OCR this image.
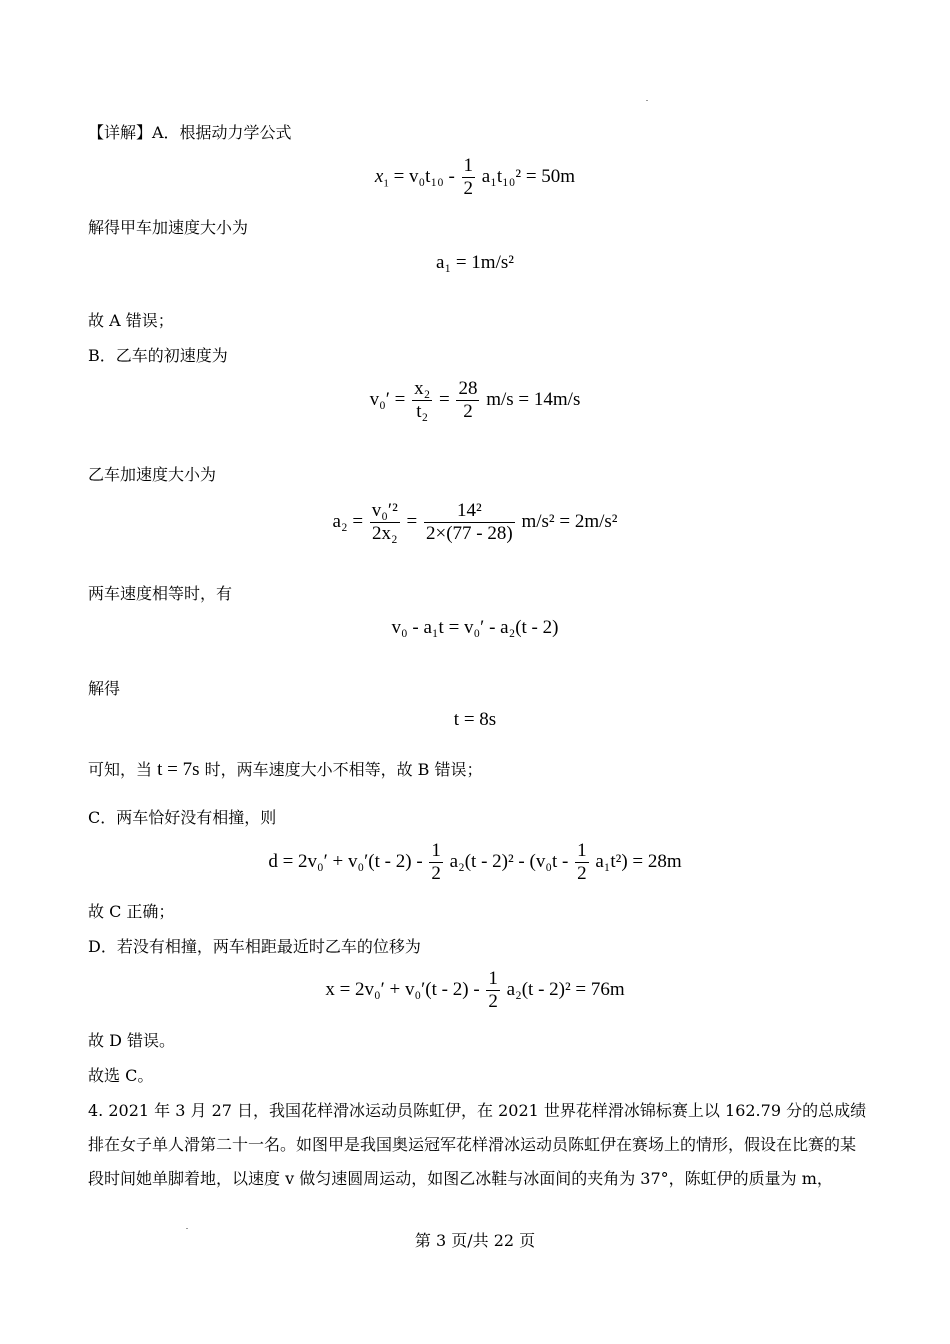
【详解】A．根据动力学公式
$x_1 = v_0t_{10} - \frac{1}{2} a_1t_{10}^2 = 50m$
解得甲车加速度大小为
a₁ = 1m/s²
故 A 错误；
B．乙车的初速度为
$v_0' = \frac{\text{x₂}}{\text{t₂}} = \frac{28}{2} m/s = 14m/s$
乙车加速度大小为
$a_2 = \frac{\text{v₀′²}}{\text{2x₂}} = \frac{\text{14²}}{2\times(77 - 28)} m/s^2 = 2m/s^2$
两车速度相等时，有
v₀ - a₁t = v₀′ - a₂(t - 2)
解得
t = 8s
可知，当 t = 7s 时，两车速度大小不相等，故 B 错误；
C．两车恰好没有相撞，则
$d = 2v_0' + v_0'(t - 2) - \frac{1}{2} a_2(t - 2)^2 - (v_0t - \frac{1}{2} a_1t^2) = 28m$
故 C 正确；
D．若没有相撞，两车相距最近时乙车的位移为
$x = 2v_0' + v_0'(t - 2) - \frac{1}{2} a_2(t - 2)^2 = 76m$
故 D 错误。
故选 C。
4. 2021 年 3 月 27 日，我国花样滑冰运动员陈虹伊，在 2021 世界花样滑冰锦标赛上以 162.79 分的总成绩排在女子单人滑第二十一名。如图甲是我国奥运冠军花样滑冰运动员陈虹伊在赛场上的情形，假设在比赛的某段时间她单脚着地，以速度 v 做匀速圆周运动，如图乙冰鞋与冰面间的夹角为 37°，陈虹伊的质量为 m，
第 3 页/共 22 页
